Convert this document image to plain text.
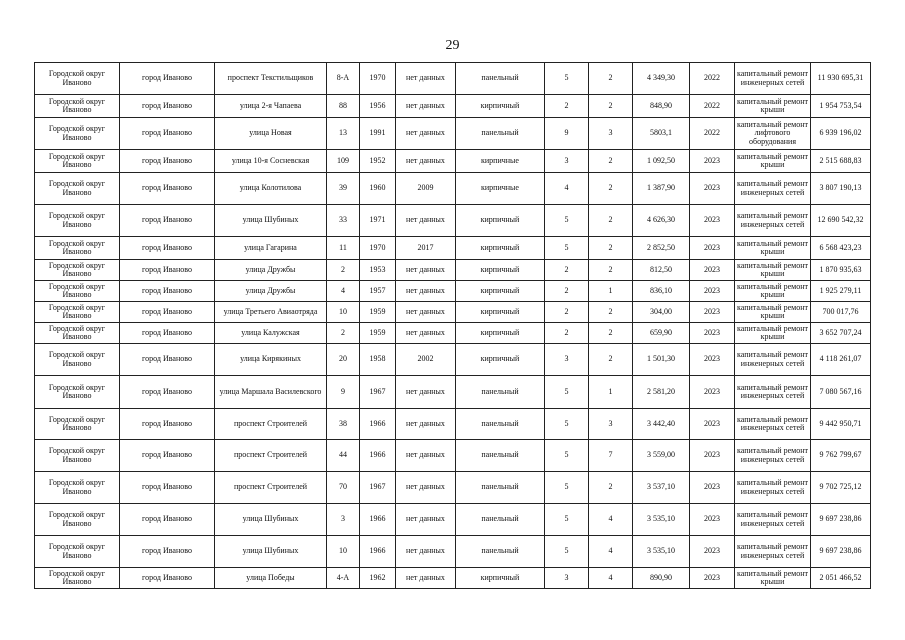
29
Городской округ Иваново	город Иваново	проспект Текстильщиков	8-А	1970	нет данных	панельный	5	2	4 349,30	2022	капитальный ремонт инженерных сетей	11 930 695,31
Городской округ Иваново	город Иваново	улица 2-я Чапаева	88	1956	нет данных	кирпичный	2	2	848,90	2022	капитальный ремонт крыши	1 954 753,54
Городской округ Иваново	город Иваново	улица Новая	13	1991	нет данных	панельный	9	3	5803,1	2022	капитальный ремонт лифтового оборудования	6 939 196,02
Городской округ Иваново	город Иваново	улица 10-я Сосневская	109	1952	нет данных	кирпичные	3	2	1 092,50	2023	капитальный ремонт крыши	2 515 688,83
Городской округ Иваново	город Иваново	улица Колотилова	39	1960	2009	кирпичные	4	2	1 387,90	2023	капитальный ремонт инженерных сетей	3 807 190,13
Городской округ Иваново	город Иваново	улица Шубиных	33	1971	нет данных	кирпичный	5	2	4 626,30	2023	капитальный ремонт инженерных сетей	12 690 542,32
Городской округ Иваново	город Иваново	улица Гагарина	11	1970	2017	кирпичный	5	2	2 852,50	2023	капитальный ремонт крыши	6 568 423,23
Городской округ Иваново	город Иваново	улица Дружбы	2	1953	нет данных	кирпичный	2	2	812,50	2023	капитальный ремонт крыши	1 870 935,63
Городской округ Иваново	город Иваново	улица Дружбы	4	1957	нет данных	кирпичный	2	1	836,10	2023	капитальный ремонт крыши	1 925 279,11
Городской округ Иваново	город Иваново	улица Третьего Авиаотряда	10	1959	нет данных	кирпичный	2	2	304,00	2023	капитальный ремонт крыши	700 017,76
Городской округ Иваново	город Иваново	улица Калужская	2	1959	нет данных	кирпичный	2	2	659,90	2023	капитальный ремонт крыши	3 652 707,24
Городской округ Иваново	город Иваново	улица Кирякиных	20	1958	2002	кирпичный	3	2	1 501,30	2023	капитальный ремонт инженерных сетей	4 118 261,07
Городской округ Иваново	город Иваново	улица Маршала Василевского	9	1967	нет данных	панельный	5	1	2 581,20	2023	капитальный ремонт инженерных сетей	7 080 567,16
Городской округ Иваново	город Иваново	проспект Строителей	38	1966	нет данных	панельный	5	3	3 442,40	2023	капитальный ремонт инженерных сетей	9 442 950,71
Городской округ Иваново	город Иваново	проспект Строителей	44	1966	нет данных	панельный	5	7	3 559,00	2023	капитальный ремонт инженерных сетей	9 762 799,67
Городской округ Иваново	город Иваново	проспект Строителей	70	1967	нет данных	панельный	5	2	3 537,10	2023	капитальный ремонт инженерных сетей	9 702 725,12
Городской округ Иваново	город Иваново	улица Шубиных	3	1966	нет данных	панельный	5	4	3 535,10	2023	капитальный ремонт инженерных сетей	9 697 238,86
Городской округ Иваново	город Иваново	улица Шубиных	10	1966	нет данных	панельный	5	4	3 535,10	2023	капитальный ремонт инженерных сетей	9 697 238,86
Городской округ Иваново	город Иваново	улица Победы	4-А	1962	нет данных	кирпичный	3	4	890,90	2023	капитальный ремонт крыши	2 051 466,52
